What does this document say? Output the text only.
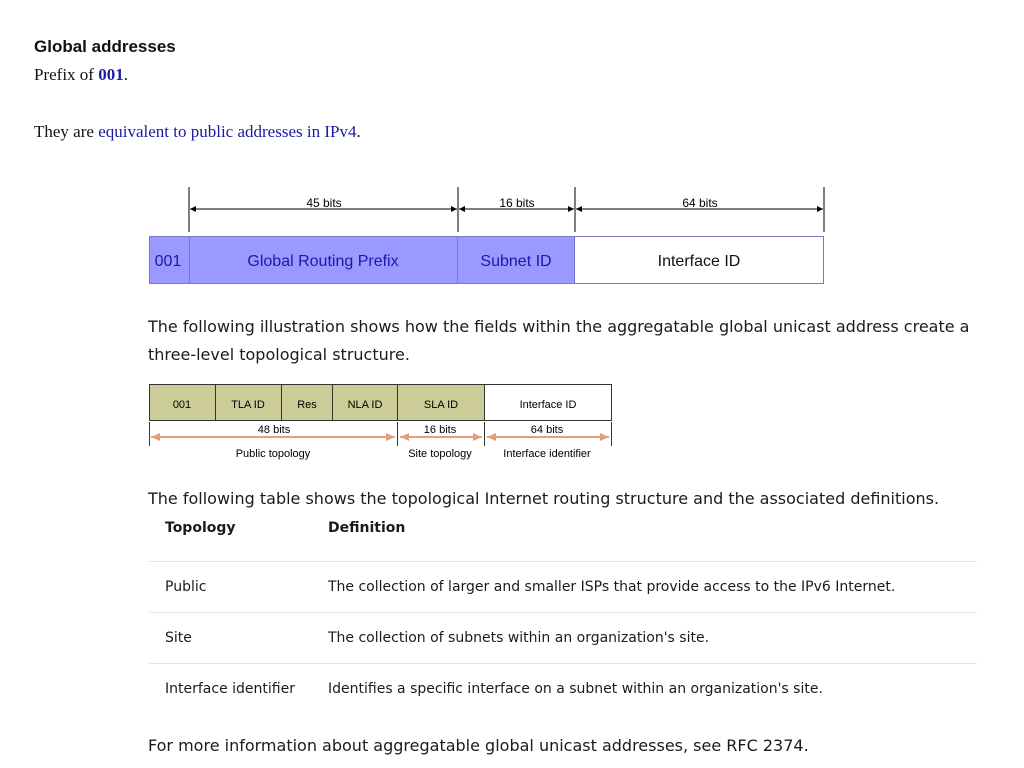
Global addresses
Prefix of 001.
They are equivalent to public addresses in IPv4.
45 bits	16 bits	64 bits
001	Global Routing Prefix	Subnet ID	Interface ID
The following illustration shows how the fields within the aggregatable global unicast address create a three-level topological structure.
001	TLA ID	Res	NLA ID	SLA ID	Interface ID
48 bits	16 bits	64 bits
Public topology	Site topology	Interface identifier
The following table shows the topological Internet routing structure and the associated definitions.
Topology	Definition
Public	The collection of larger and smaller ISPs that provide access to the IPv6 Internet.
Site	The collection of subnets within an organization's site.
Interface identifier	Identifies a specific interface on a subnet within an organization's site.
For more information about aggregatable global unicast addresses, see RFC 2374.
